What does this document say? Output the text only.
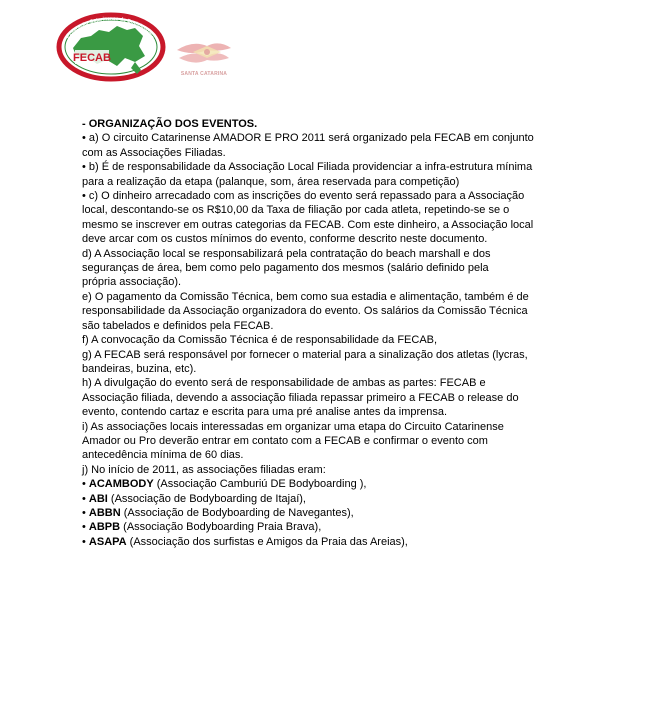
FECAB
Federação Catarinense de Bodyboarding
SANTA CATARINA
- ORGANIZAÇÃO DOS EVENTOS.
• a) O circuito Catarinense AMADOR E PRO 2011 será organizado pela FECAB em conjunto
com as Associações Filiadas.
• b) É de responsabilidade da Associação Local Filiada providenciar a infra-estrutura mínima
para a realização da etapa (palanque, som, área reservada para competição)
• c) O dinheiro arrecadado com as inscrições do evento será repassado para a Associação
local, descontando-se os R$10,00 da Taxa de filiação por cada atleta, repetindo-se se o
mesmo se inscrever em outras categorias da FECAB. Com este dinheiro, a Associação local
deve arcar com os custos mínimos do evento, conforme descrito neste documento.
d) A Associação local se responsabilizará pela contratação do beach marshall e dos
seguranças de área, bem como pelo pagamento dos mesmos (salário definido pela
própria associação).
e) O pagamento da Comissão Técnica, bem como sua estadia e alimentação, também é de
responsabilidade da Associação organizadora do evento. Os salários da Comissão Técnica
são tabelados e definidos pela FECAB.
f) A convocação da Comissão Técnica é de responsabilidade da FECAB,
g) A FECAB será responsável por fornecer o material para a sinalização dos atletas (lycras,
bandeiras, buzina, etc).
h) A divulgação do evento será de responsabilidade de ambas as partes: FECAB e
Associação filiada, devendo a associação filiada repassar primeiro a FECAB o release do
evento, contendo cartaz e escrita para uma pré analise antes da imprensa.
i) As associações locais interessadas em organizar uma etapa do Circuito Catarinense
Amador ou Pro deverão entrar em contato com a FECAB e confirmar o evento com
antecedência mínima de 60 dias.
j) No início de 2011, as associações filiadas eram:
• ACAMBODY (Associação Camburiú DE Bodyboarding ),
• ABI (Associação de Bodyboarding de Itajaí),
• ABBN (Associação de Bodyboarding de Navegantes),
• ABPB (Associação Bodyboarding Praia Brava),
• ASAPA (Associação dos surfistas e Amigos da Praia das Areias),
